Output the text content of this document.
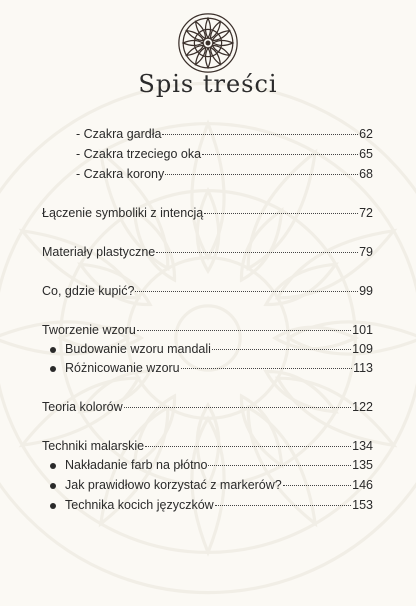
Spis treści
- Czakra gardła	62
- Czakra trzeciego oka	65
- Czakra korony	68
Łączenie symboliki z intencją	72
Materiały plastyczne	79
Co, gdzie kupić?	99
Tworzenie wzoru	101
Budowanie wzoru mandali	109
Różnicowanie wzoru	113
Teoria kolorów	122
Techniki malarskie	134
Nakładanie farb na płótno	135
Jak prawidłowo korzystać z markerów?	146
Technika kocich języczków	153
